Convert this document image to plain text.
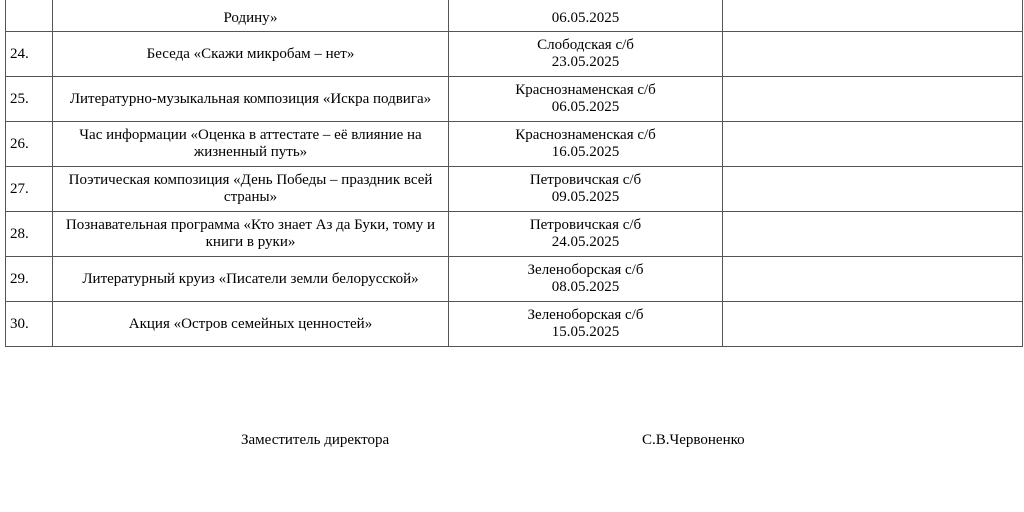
	Родину»	06.05.2025	

24.	Беседа «Скажи микробам – нет»	Слободская с/б
23.05.2025	

25.	Литературно-музыкальная композиция «Искра подвига»	Краснознаменская с/б
06.05.2025	

26.	Час информации «Оценка в аттестате – её влияние на жизненный путь»	Краснознаменская с/б
16.05.2025	

27.	Поэтическая композиция «День Победы – праздник всей страны»	Петровичская с/б
09.05.2025	

28.	Познавательная программа «Кто знает Аз да Буки, тому и книги в руки»	Петровичская с/б
24.05.2025	

29.	Литературный круиз «Писатели земли белорусской»	Зеленоборская с/б
08.05.2025	

30.	Акция «Остров семейных ценностей»	Зеленоборская с/б
15.05.2025	

Заместитель директора	С.В.Червоненко
